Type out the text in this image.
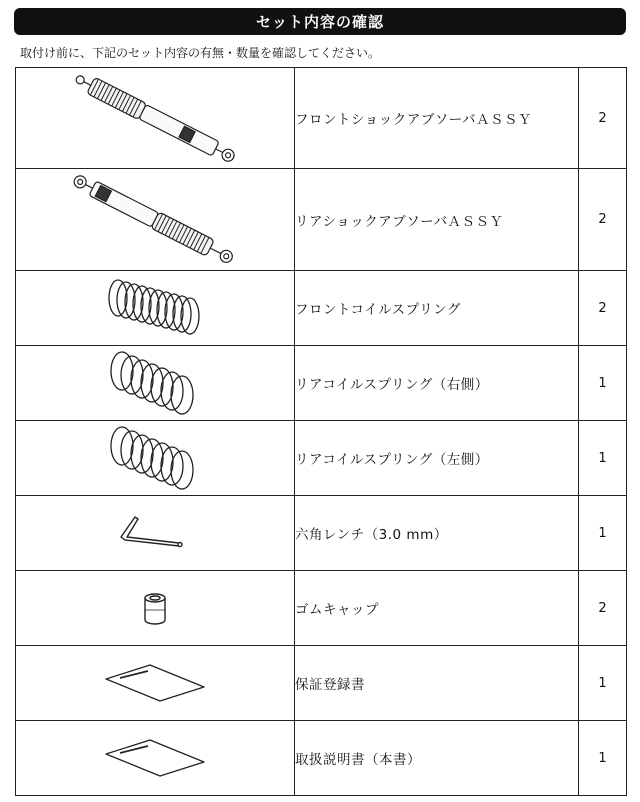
セット内容の確認
取付け前に、下記のセット内容の有無・数量を確認してください。
	フロントショックアブソーバＡＳＳＹ	2

	リアショックアブソーバＡＳＳＹ	2

	フロントコイルスプリング	2

	リアコイルスプリング（右側）	1

	リアコイルスプリング（左側）	1

	六角レンチ（3.0 mm）	1

	ゴムキャップ	2

	保証登録書	1

	取扱説明書（本書）	1
